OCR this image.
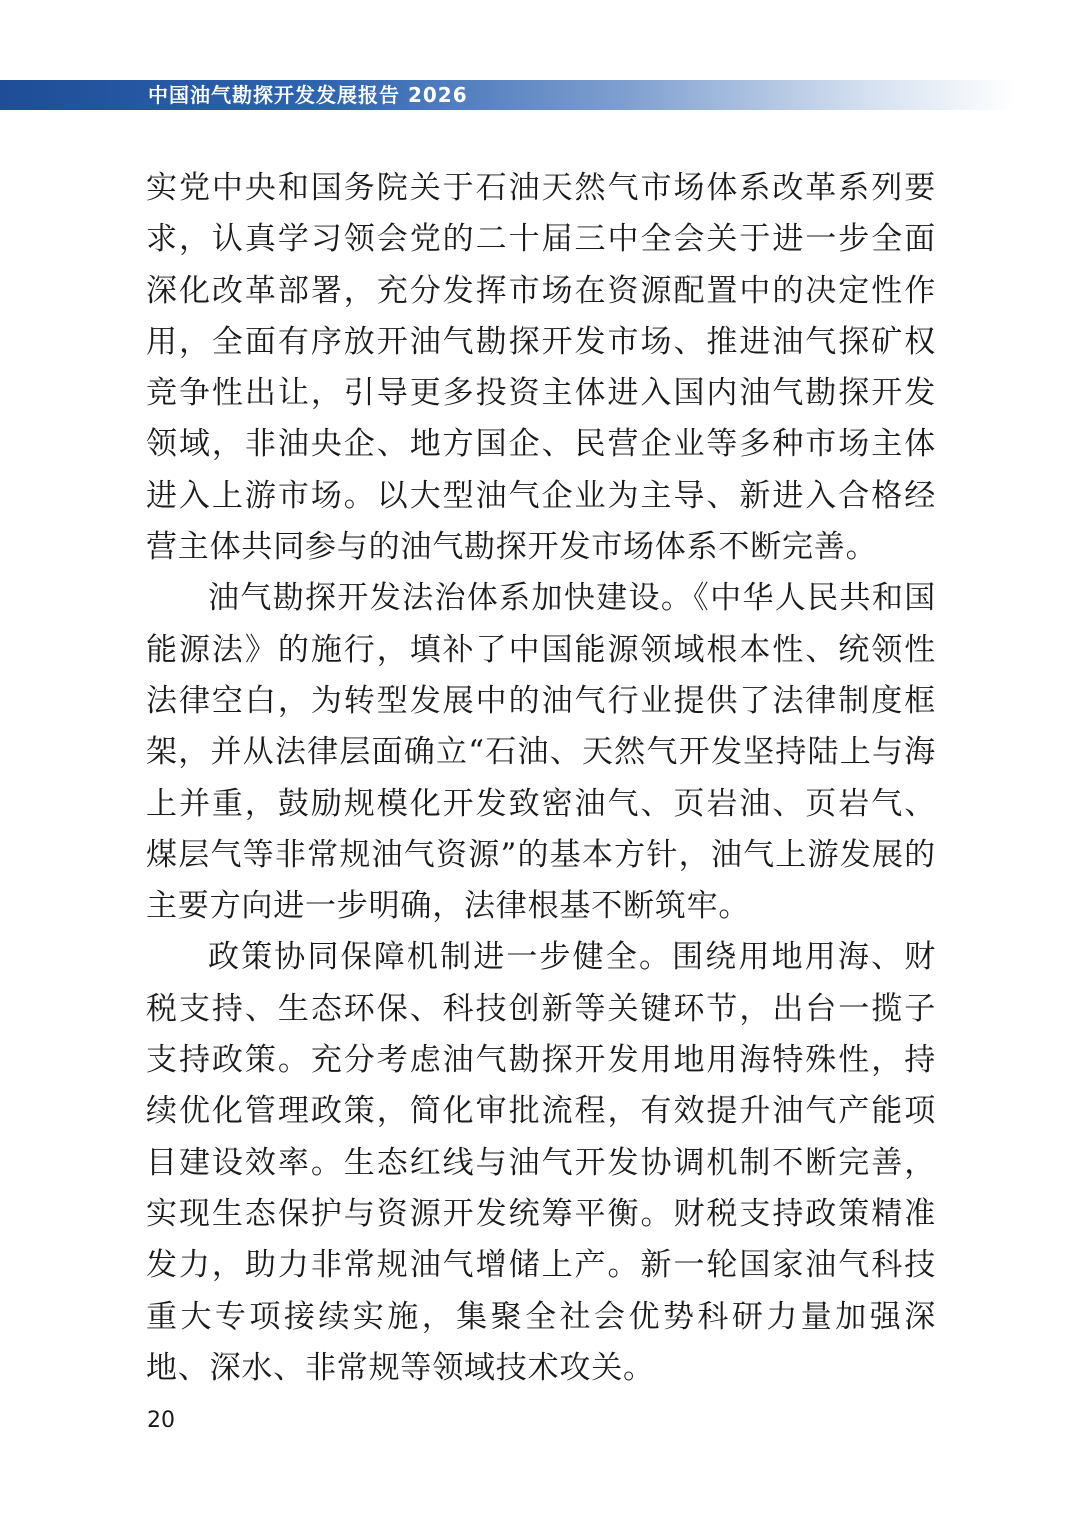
中国油气勘探开发发展报告 2026

实党中央和国务院关于石油天然气市场体系改革系列要求，认真学习领会党的二十届三中全会关于进一步全面深化改革部署，充分发挥市场在资源配置中的决定性作用，全面有序放开油气勘探开发市场、推进油气探矿权竞争性出让，引导更多投资主体进入国内油气勘探开发领域，非油央企、地方国企、民营企业等多种市场主体进入上游市场。以大型油气企业为主导、新进入合格经营主体共同参与的油气勘探开发市场体系不断完善。

油气勘探开发法治体系加快建设。《中华人民共和国能源法》的施行，填补了中国能源领域根本性、统领性法律空白，为转型发展中的油气行业提供了法律制度框架，并从法律层面确立“石油、天然气开发坚持陆上与海上并重，鼓励规模化开发致密油气、页岩油、页岩气、煤层气等非常规油气资源”的基本方针，油气上游发展的主要方向进一步明确，法律根基不断筑牢。

政策协同保障机制进一步健全。围绕用地用海、财税支持、生态环保、科技创新等关键环节，出台一揽子支持政策。充分考虑油气勘探开发用地用海特殊性，持续优化管理政策，简化审批流程，有效提升油气产能项目建设效率。生态红线与油气开发协调机制不断完善，实现生态保护与资源开发统筹平衡。财税支持政策精准发力，助力非常规油气增储上产。新一轮国家油气科技重大专项接续实施，集聚全社会优势科研力量加强深地、深水、非常规等领域技术攻关。

20
